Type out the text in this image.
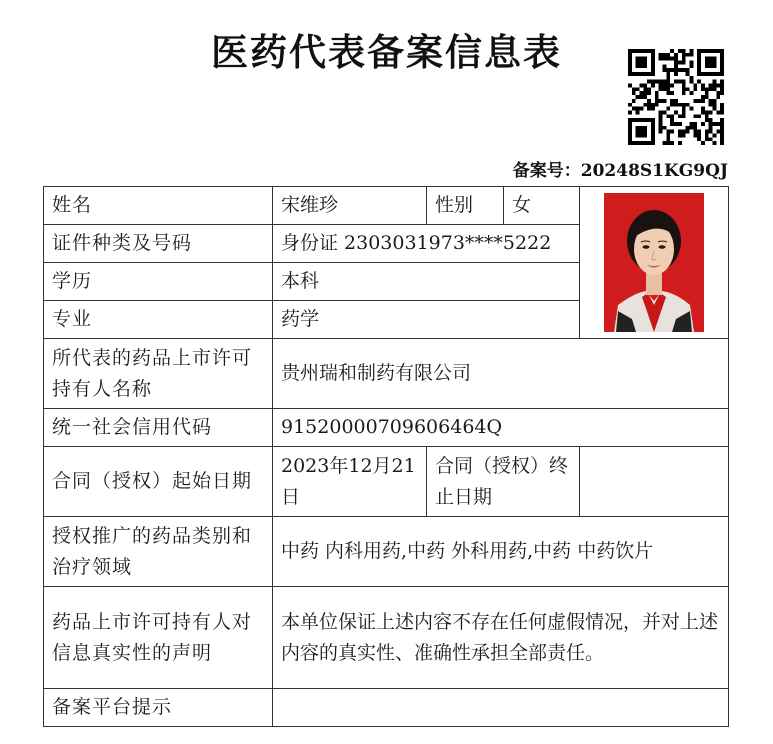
医药代表备案信息表
备案号：20248S1KG9QJ
姓名	宋维珍	性别	女	

证件种类及号码	身份证 2303031973****5222			
学历	本科			
专业	药学			
所代表的药品上市许可持有人名称	贵州瑞和制药有限公司			
统一社会信用代码	91520000709606464Q			
合同（授权）起始日期	2023年12月21日	合同（授权）终止日期		
授权推广的药品类别和治疗领域	中药 内科用药,中药 外科用药,中药 中药饮片			
药品上市许可持有人对信息真实性的声明	本单位保证上述内容不存在任何虚假情况，并对上述内容的真实性、准确性承担全部责任。			
备案平台提示				
